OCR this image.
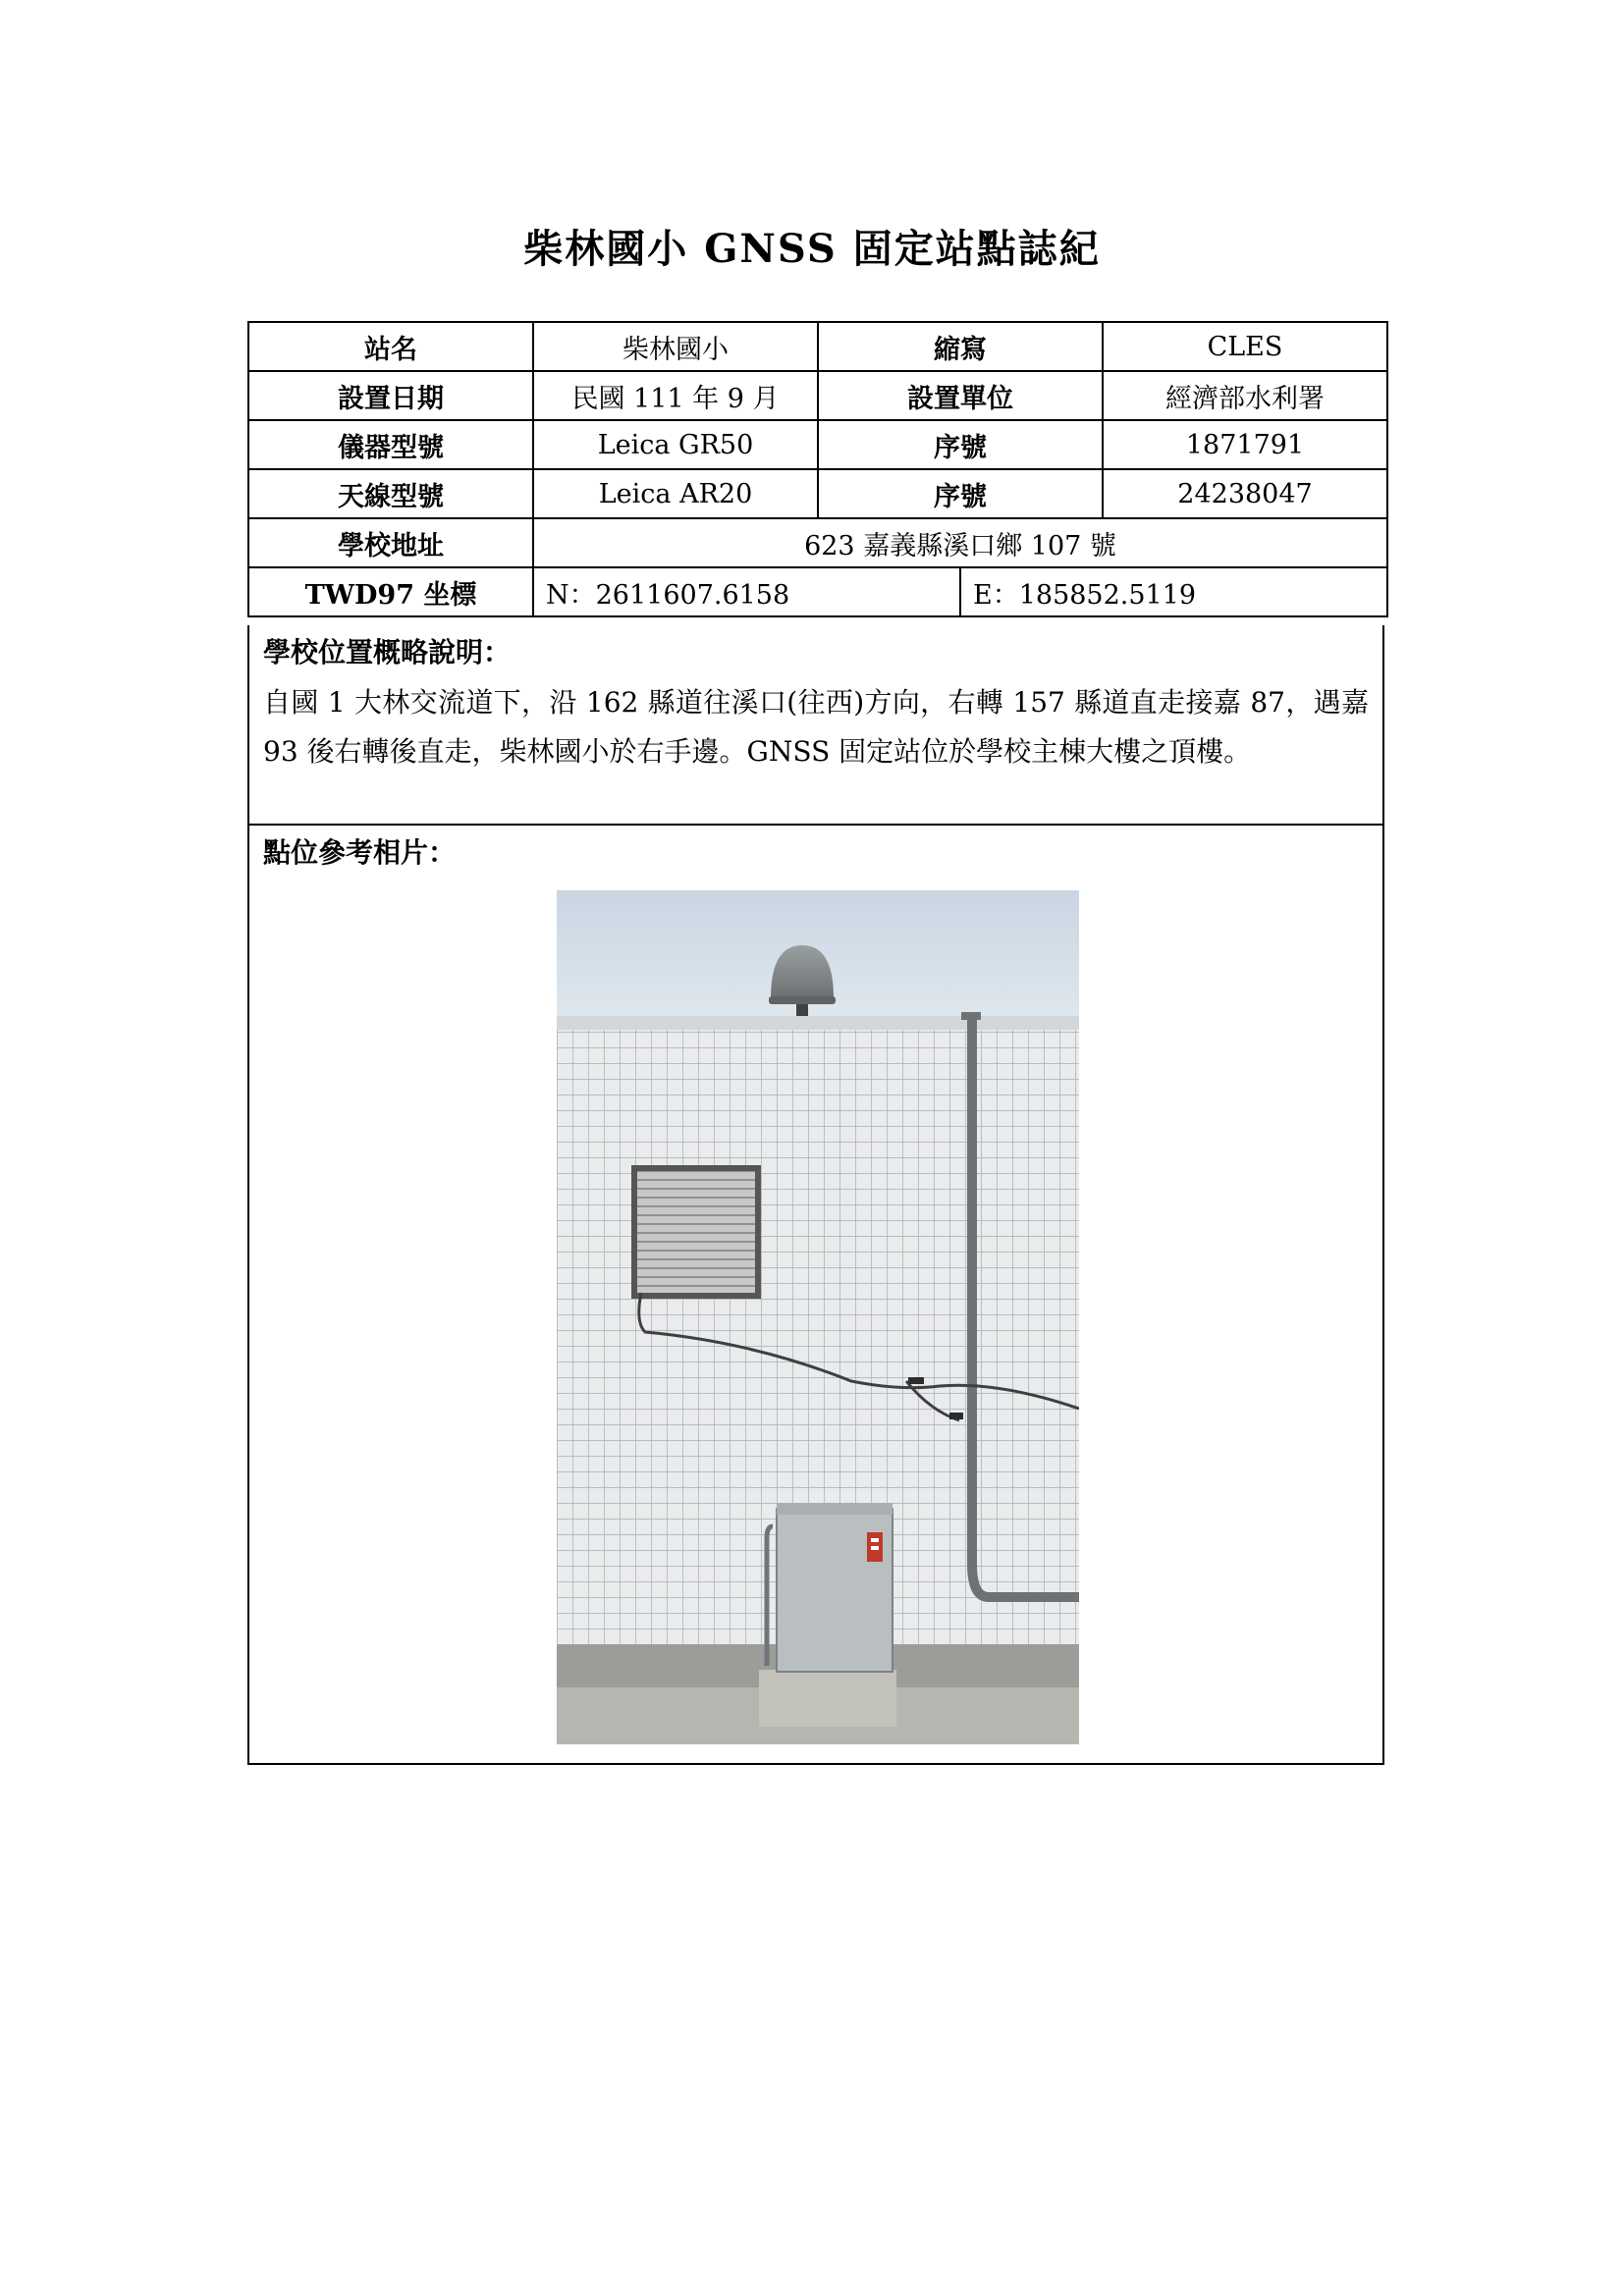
柴林國小 GNSS 固定站點誌紀
站名	柴林國小	縮寫		CLES
設置日期	民國 111 年 9 月	設置單位		經濟部水利署
儀器型號	Leica GR50	序號		1871791
天線型號	Leica AR20	序號		24238047
學校地址	623 嘉義縣溪口鄉 107 號			
TWD97 坐標	N：2611607.6158		E：185852.5119	
學校位置概略說明：
自國 1 大林交流道下，沿 162 縣道往溪口(往西)方向，右轉 157 縣道直走接嘉 87，遇嘉 93 後右轉後直走，柴林國小於右手邊。GNSS 固定站位於學校主棟大樓之頂樓。
點位參考相片：
